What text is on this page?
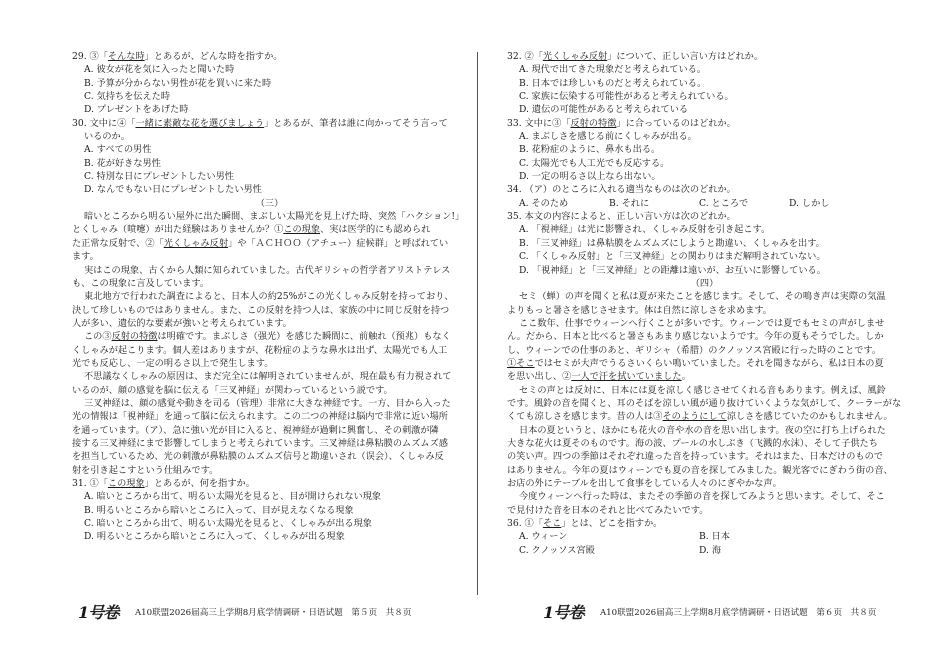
29. ③「そんな時」とあるが、どんな時を指すか。
A. 彼女が花を気に入ったと聞いた時
B. 予算が分からない男性が花を買いに来た時
C. 気持ちを伝えた時
D. プレゼントをあげた時
30. 文中に④「一緒に素敵な花を選びましょう」とあるが、筆者は誰に向かってそう言って
いるのか。
A. すべての男性
B. 花が好きな男性
C. 特別な日にプレゼントしたい男性
D. なんでもない日にプレゼントしたい男性
（三）
暗いところから明るい屋外に出た瞬間、まぶしい太陽光を見上げた時、突然「ハクション!」
とくしゃみ（喷嚏）が出た経験はありませんか？①この現象、実は医学的にも認められ
た正常な反射で、②「光くしゃみ反射」や「ＡＣＨＯＯ（アチュー）症候群」と呼ばれてい
ます。
実はこの現象、古くから人類に知られていました。古代ギリシャの哲学者アリストテレス
も、この現象に言及しています。
東北地方で行われた調査によると、日本人の約25%がこの光くしゃみ反射を持っており、
決して珍しいものではありません。また、この反射を持つ人は、家族の中に同じ反射を持つ
人が多い、遺伝的な要素が強いと考えられています。
この③反射の特徴は明確です。まぶしさ（强光）を感じた瞬間に、前触れ（预兆）もなく
くしゃみが起こります。個人差はありますが、花粉症のような鼻水は出ず、太陽光でも人工
光でも反応し、一定の明るさ以上で発生します。
不思議なくしゃみの原因は、まだ完全には解明されていませんが、現在最も有力視されて
いるのが、顔の感覚を脳に伝える「三叉神経」が関わっているという説です。
三叉神経は、顔の感覚や動きを司る（管理）非常に大きな神経です。一方、目から入った
光の情報は「視神経」を通って脳に伝えられます。この二つの神経は脳内で非常に近い場所
を通っています。（ア）、急に強い光が目に入ると、視神経が過剰に興奮し、その刺激が隣
接する三叉神経にまで影響してしまうと考えられています。三叉神経は鼻粘膜のムズムズ感
を担当しているため、光の刺激が鼻粘膜のムズムズ信号と勘違いされ（误会）、くしゃみ反
射を引き起こすという仕組みです。
31. ①「この現象」とあるが、何を指すか。
A. 暗いところから出て、明るい太陽光を見ると、目が開けられない現象
B. 明るいところから暗いところに入って、目が見えなくなる現象
C. 暗いところから出て、明るい太陽光を見ると、くしゃみが出る現象
D. 明るいところから暗いところに入って、くしゃみが出る現象
32. ②「光くしゃみ反射」について、正しい言い方はどれか。
A. 現代で出てきた現象だと考えられている。
B. 日本では珍しいものだと考えられている。
C. 家族に伝染する可能性があると考えられている。
D. 遺伝の可能性があると考えられている
33. 文中に③「反射の特徴」に合っているのはどれか。
A. まぶしさを感じる前にくしゃみが出る。
B. 花粉症のように、鼻水も出る。
C. 太陽光でも人工光でも反応する。
D. 一定の明るさ以上なら出ない。
34. （ア）のところに入れる適当なものは次のどれか。
A. そのため	B. それに	C. ところで	D. しかし
35. 本文の内容によると、正しい言い方は次のどれか。
A. 「視神経」は光に影響され、くしゃみ反射を引き起こす。
B. 「三叉神経」は鼻粘膜をムズムズにしようと勘違い、くしゃみを出す。
C. 「くしゃみ反射」と「三叉神経」との関わりはまだ解明されていない。
D. 「視神経」と「三叉神経」との距離は遠いが、お互いに影響している。
（四）
セミ（蝉）の声を聞くと私は夏が来たことを感じます。そして、その鳴き声は実際の気温
よりもっと暑さを感じさせます。体は自然に涼しさを求めます。
ここ数年、仕事でウィーンへ行くことが多いです。ウィーンでは夏でもセミの声がしませ
ん。だから、日本と比べると暑さもあまり感じないようです。今年の夏もそうでした。しか
し、ウィーンでの仕事のあと、ギリシャ（希腊）のクノッソス宮殿に行った時のことです。
①そこではセミが大声でうるさいくらい鳴いていました。それを聞きながら、私は日本の夏
を思い出し、②一人で汗を拭いていました。
セミの声とは反対に、日本には夏を涼しく感じさせてくれる音もあります。例えば、風鈴
です。風鈴の音を聞くと、耳のそばを涼しい風が通り抜けていくような気がして、クーラーがな
くても涼しさを感じます。昔の人は③そのようにして涼しさを感じていたのかもしれません。
日本の夏というと、ほかにも花火の音や水の音を思い出します。夜の空に打ち上げられた
大きな花火は夏そのものです。海の波、プールの水しぶき（飞溅的水沫）、そして子供たち
の笑い声。四つの季節はそれぞれ違った音を持っています。それはまた、日本だけのもので
はありません。今年の夏はウィーンでも夏の音を探してみました。観光客でにぎわう街の音、
お店の外にテーブルを出して食事をしている人々のにぎやかな声。
今度ウィーンへ行った時は、またその季節の音を探してみようと思います。そして、そこ
で見付けた音を日本のそれと比べてみたいです。
36. ①「そこ」とは、どこを指すか。
A. ウィーン	B. 日本
C. クノッソス宮殿	D. 海
1号卷· A10联盟2026届高三上学期8月底学情调研・日语试题　第５页　共８页	1号卷· A10联盟2026届高三上学期8月底学情调研・日语试题　第６页　共８页
